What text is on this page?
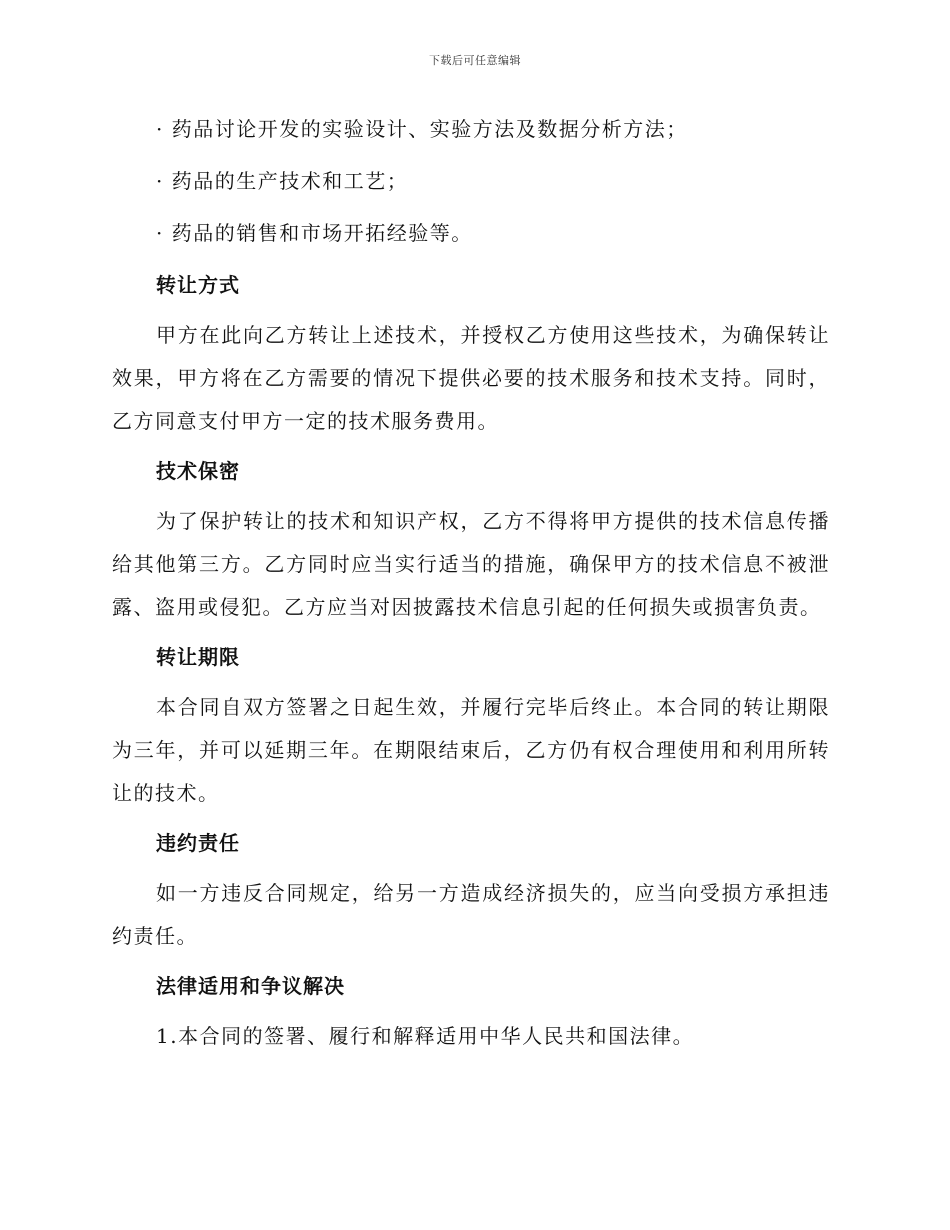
下载后可任意编辑
· 药品讨论开发的实验设计、实验方法及数据分析方法；
· 药品的生产技术和工艺；
· 药品的销售和市场开拓经验等。
转让方式

甲方在此向乙方转让上述技术，并授权乙方使用这些技术，为确保转让效果，甲方将在乙方需要的情况下提供必要的技术服务和技术支持。同时，乙方同意支付甲方一定的技术服务费用。

技术保密

为了保护转让的技术和知识产权，乙方不得将甲方提供的技术信息传播给其他第三方。乙方同时应当实行适当的措施，确保甲方的技术信息不被泄露、盗用或侵犯。乙方应当对因披露技术信息引起的任何损失或损害负责。

转让期限

本合同自双方签署之日起生效，并履行完毕后终止。本合同的转让期限为三年，并可以延期三年。在期限结束后，乙方仍有权合理使用和利用所转让的技术。

违约责任

如一方违反合同规定，给另一方造成经济损失的，应当向受损方承担违约责任。

法律适用和争议解决

1.本合同的签署、履行和解释适用中华人民共和国法律。
